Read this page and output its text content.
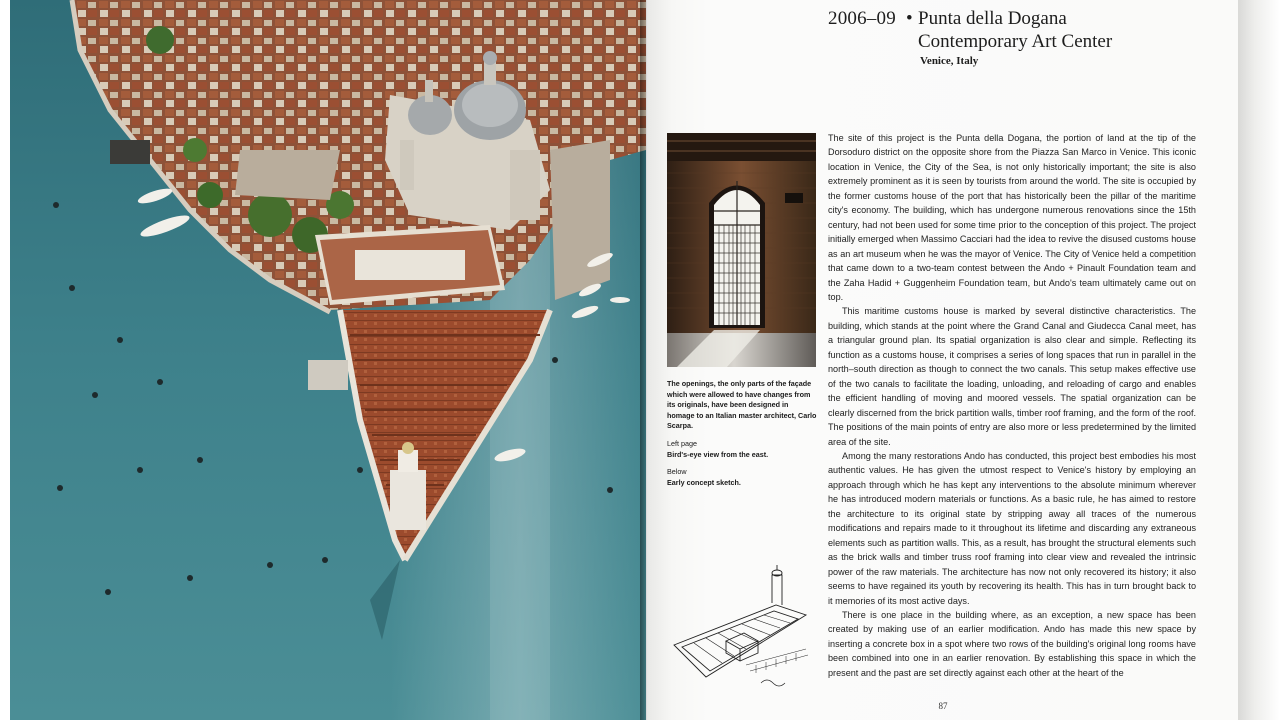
2006–09 • Punta della Dogana
Contemporary Art Center
Venice, Italy
The openings, the only parts of the façade which were allowed to have changes from its originals, have been designed in homage to an Italian master architect, Carlo Scarpa.
Left page
Bird's-eye view from the east.
Below
Early concept sketch.

The site of this project is the Punta della Dogana, the portion of land at the tip of the Dorsoduro district on the opposite shore from the Piazza San Marco in Venice. This iconic location in Venice, the City of the Sea, is not only historically important; the site is also extremely prominent as it is seen by tourists from around the world. The site is occupied by the former customs house of the port that has historically been the pillar of the maritime city's economy. The building, which has undergone numerous renovations since the 15th century, had not been used for some time prior to the conception of this project. The project initially emerged when Massimo Cacciari had the idea to revive the disused customs house as an art museum when he was the mayor of Venice. The City of Venice held a competition that came down to a two-team contest between the Ando + Pinault Foundation team and the Zaha Hadid + Guggenheim Foundation team, but Ando's team ultimately came out on top.

This maritime customs house is marked by several distinctive characteristics. The building, which stands at the point where the Grand Canal and Giudecca Canal meet, has a triangular ground plan. Its spatial organization is also clear and simple. Reflecting its function as a customs house, it comprises a series of long spaces that run in parallel in the north–south direction as though to connect the two canals. This setup makes effective use of the two canals to facilitate the loading, unloading, and reloading of cargo and enables the efficient handling of moving and moored vessels. The spatial organization can be clearly discerned from the brick partition walls, timber roof framing, and the form of the roof. The positions of the main points of entry are also more or less predetermined by the limited area of the site.

Among the many restorations Ando has conducted, this project best embodies his most authentic values. He has given the utmost respect to Venice's history by employing an approach through which he has kept any interventions to the absolute minimum wherever he has introduced modern materials or functions. As a basic rule, he has aimed to restore the architecture to its original state by stripping away all traces of the numerous modifications and repairs made to it throughout its lifetime and discarding any extraneous elements such as partition walls. This, as a result, has brought the structural elements such as the brick walls and timber truss roof framing into clear view and revealed the intrinsic power of the raw materials. The architecture has now not only recovered its history; it also seems to have regained its youth by recovering its health. This has in turn brought back to it memories of its most active days.

There is one place in the building where, as an exception, a new space has been created by making use of an earlier modification. Ando has made this new space by inserting a concrete box in a spot where two rows of the building's original long rooms have been combined into one in an earlier renovation. By establishing this space in which the present and the past are set directly against each other at the heart of the

87
